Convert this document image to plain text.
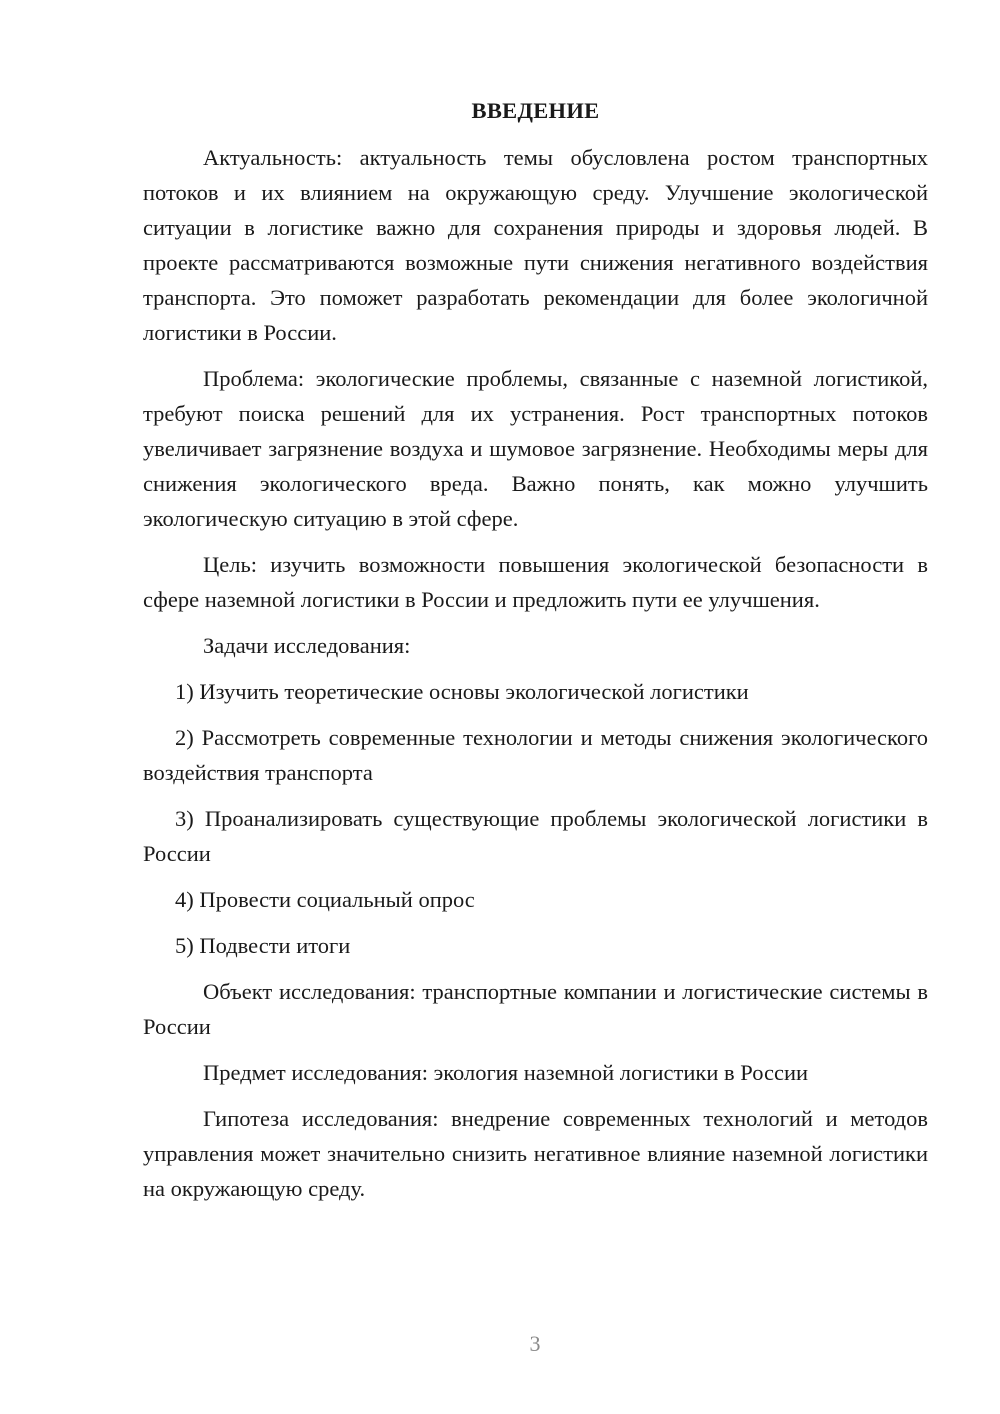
ВВЕДЕНИЕ

Актуальность: актуальность темы обусловлена ростом транспортных потоков и их влиянием на окружающую среду. Улучшение экологической ситуации в логистике важно для сохранения природы и здоровья людей. В проекте рассматриваются возможные пути снижения негативного воздействия транспорта. Это поможет разработать рекомендации для более экологичной логистики в России.

Проблема: экологические проблемы, связанные с наземной логистикой, требуют поиска решений для их устранения. Рост транспортных потоков увеличивает загрязнение воздуха и шумовое загрязнение. Необходимы меры для снижения экологического вреда. Важно понять, как можно улучшить экологическую ситуацию в этой сфере.

Цель: изучить возможности повышения экологической безопасности в сфере наземной логистики в России и предложить пути ее улучшения.

Задачи исследования:

1) Изучить теоретические основы экологической логистики

2) Рассмотреть современные технологии и методы снижения экологического воздействия транспорта

3) Проанализировать существующие проблемы экологической логистики в России

4) Провести социальный опрос

5) Подвести итоги

Объект исследования: транспортные компании и логистические системы в России

Предмет исследования: экология наземной логистики в России

Гипотеза исследования: внедрение современных технологий и методов управления может значительно снизить негативное влияние наземной логистики на окружающую среду.

3
